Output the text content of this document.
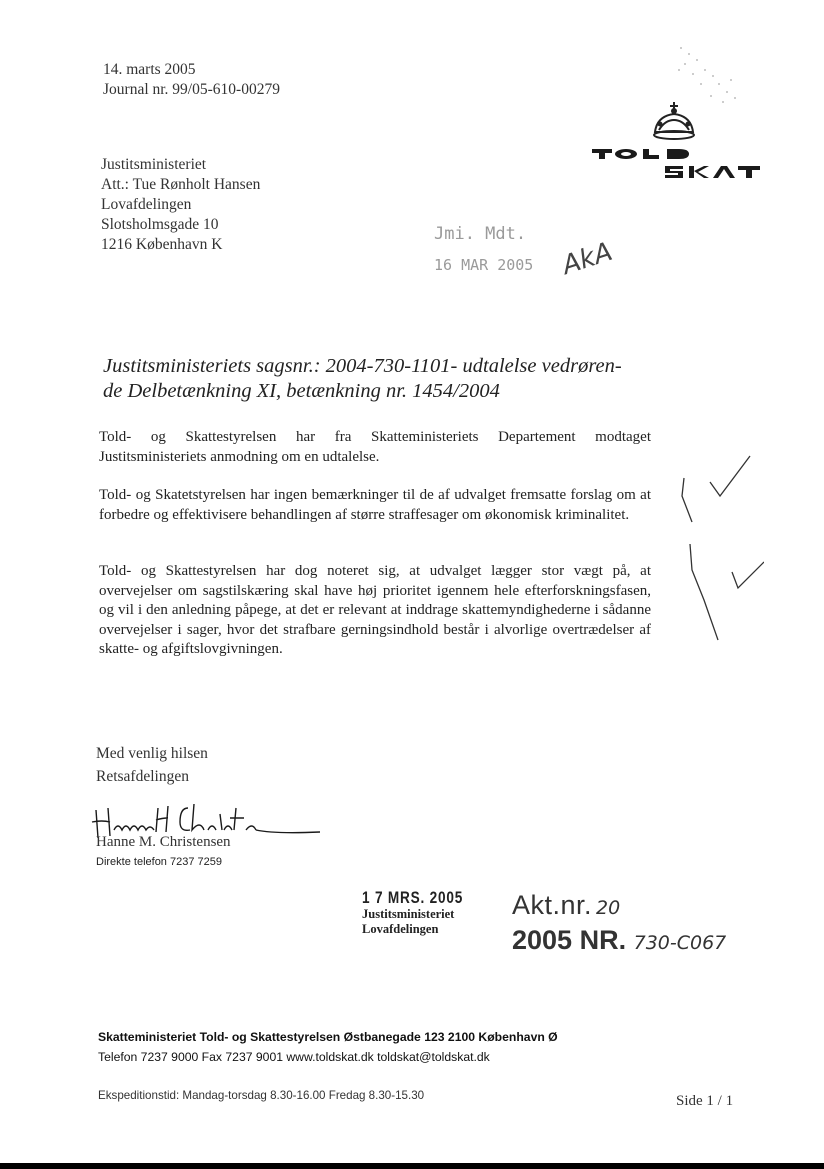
14. marts 2005
Journal nr. 99/05-610-00279
Justitsministeriet
Att.: Tue Rønholt Hansen
Lovafdelingen
Slotsholmsgade 10
1216 København K
Jmi. Mdt.
16 MAR 2005 AkA
Justitsministeriets sagsnr.: 2004-730-1101- udtalelse vedrøren-
de Delbetænkning XI, betænkning nr. 1454/2004

Told- og Skattestyrelsen har fra Skatteministeriets Departement modtaget Justitsministeriets anmodning om en udtalelse.

Told- og Skatetstyrelsen har ingen bemærkninger til de af udvalget fremsatte forslag om at forbedre og effektivisere behandlingen af større straffesager om økonomisk kriminalitet.

Told- og Skattestyrelsen har dog noteret sig, at udvalget lægger stor vægt på, at overvejelser om sagstilskæring skal have høj prioritet igennem hele efterforskningsfasen, og vil i den anledning påpege, at det er relevant at inddrage skattemyndighederne i sådanne overvejelser i sager, hvor det strafbare gerningsindhold består i alvorlige overtrædelser af skatte- og afgiftslovgivningen.

Med venlig hilsen
Retsafdelingen
Hanne M. Christensen
Direkte telefon 7237 7259
1 7 MRS. 2005
Justitsministeriet
Lovafdelingen
Akt.nr. 20
2005 NR. 730-C067
Skatteministeriet Told- og Skattestyrelsen Østbanegade 123 2100 København Ø
Telefon 7237 9000 Fax 7237 9001 www.toldskat.dk toldskat@toldskat.dk
Ekspeditionstid: Mandag-torsdag 8.30-16.00 Fredag 8.30-15.30	Side 1 / 1
